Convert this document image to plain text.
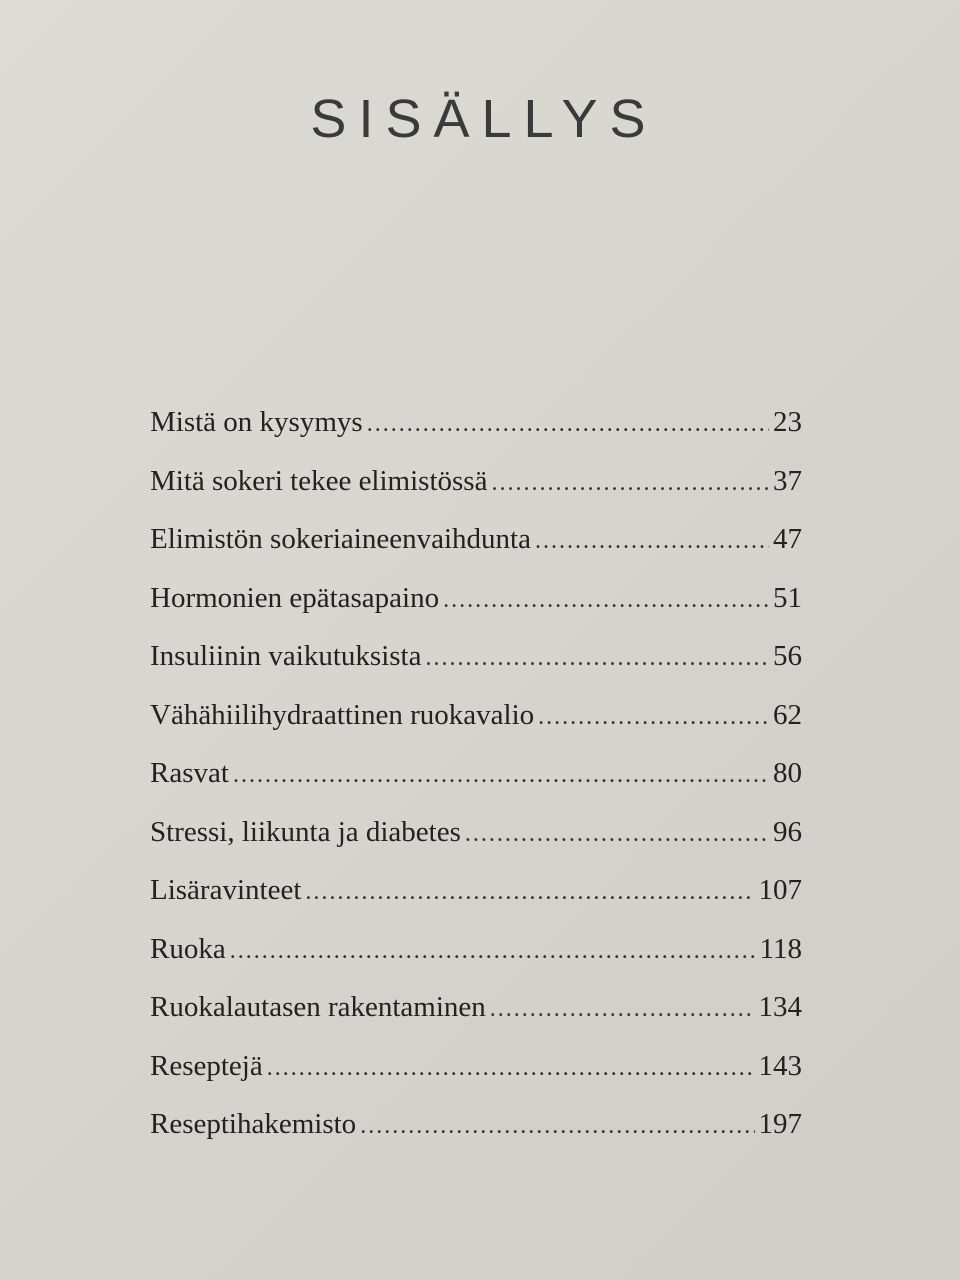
SISÄLLYS
Mistä on kysymys .....	23
Mitä sokeri tekee elimistössä .....	37
Elimistön sokeriaineenvaihdunta .....	47
Hormonien epätasapaino .....	51
Insuliinin vaikutuksista .....	56
Vähähiilihydraattinen ruokavalio .....	62
Rasvat .....	80
Stressi, liikunta ja diabetes .....	96
Lisäravinteet .....	107
Ruoka .....	118
Ruokalautasen rakentaminen .....	134
Reseptejä .....	143
Reseptihakemisto .....	197
